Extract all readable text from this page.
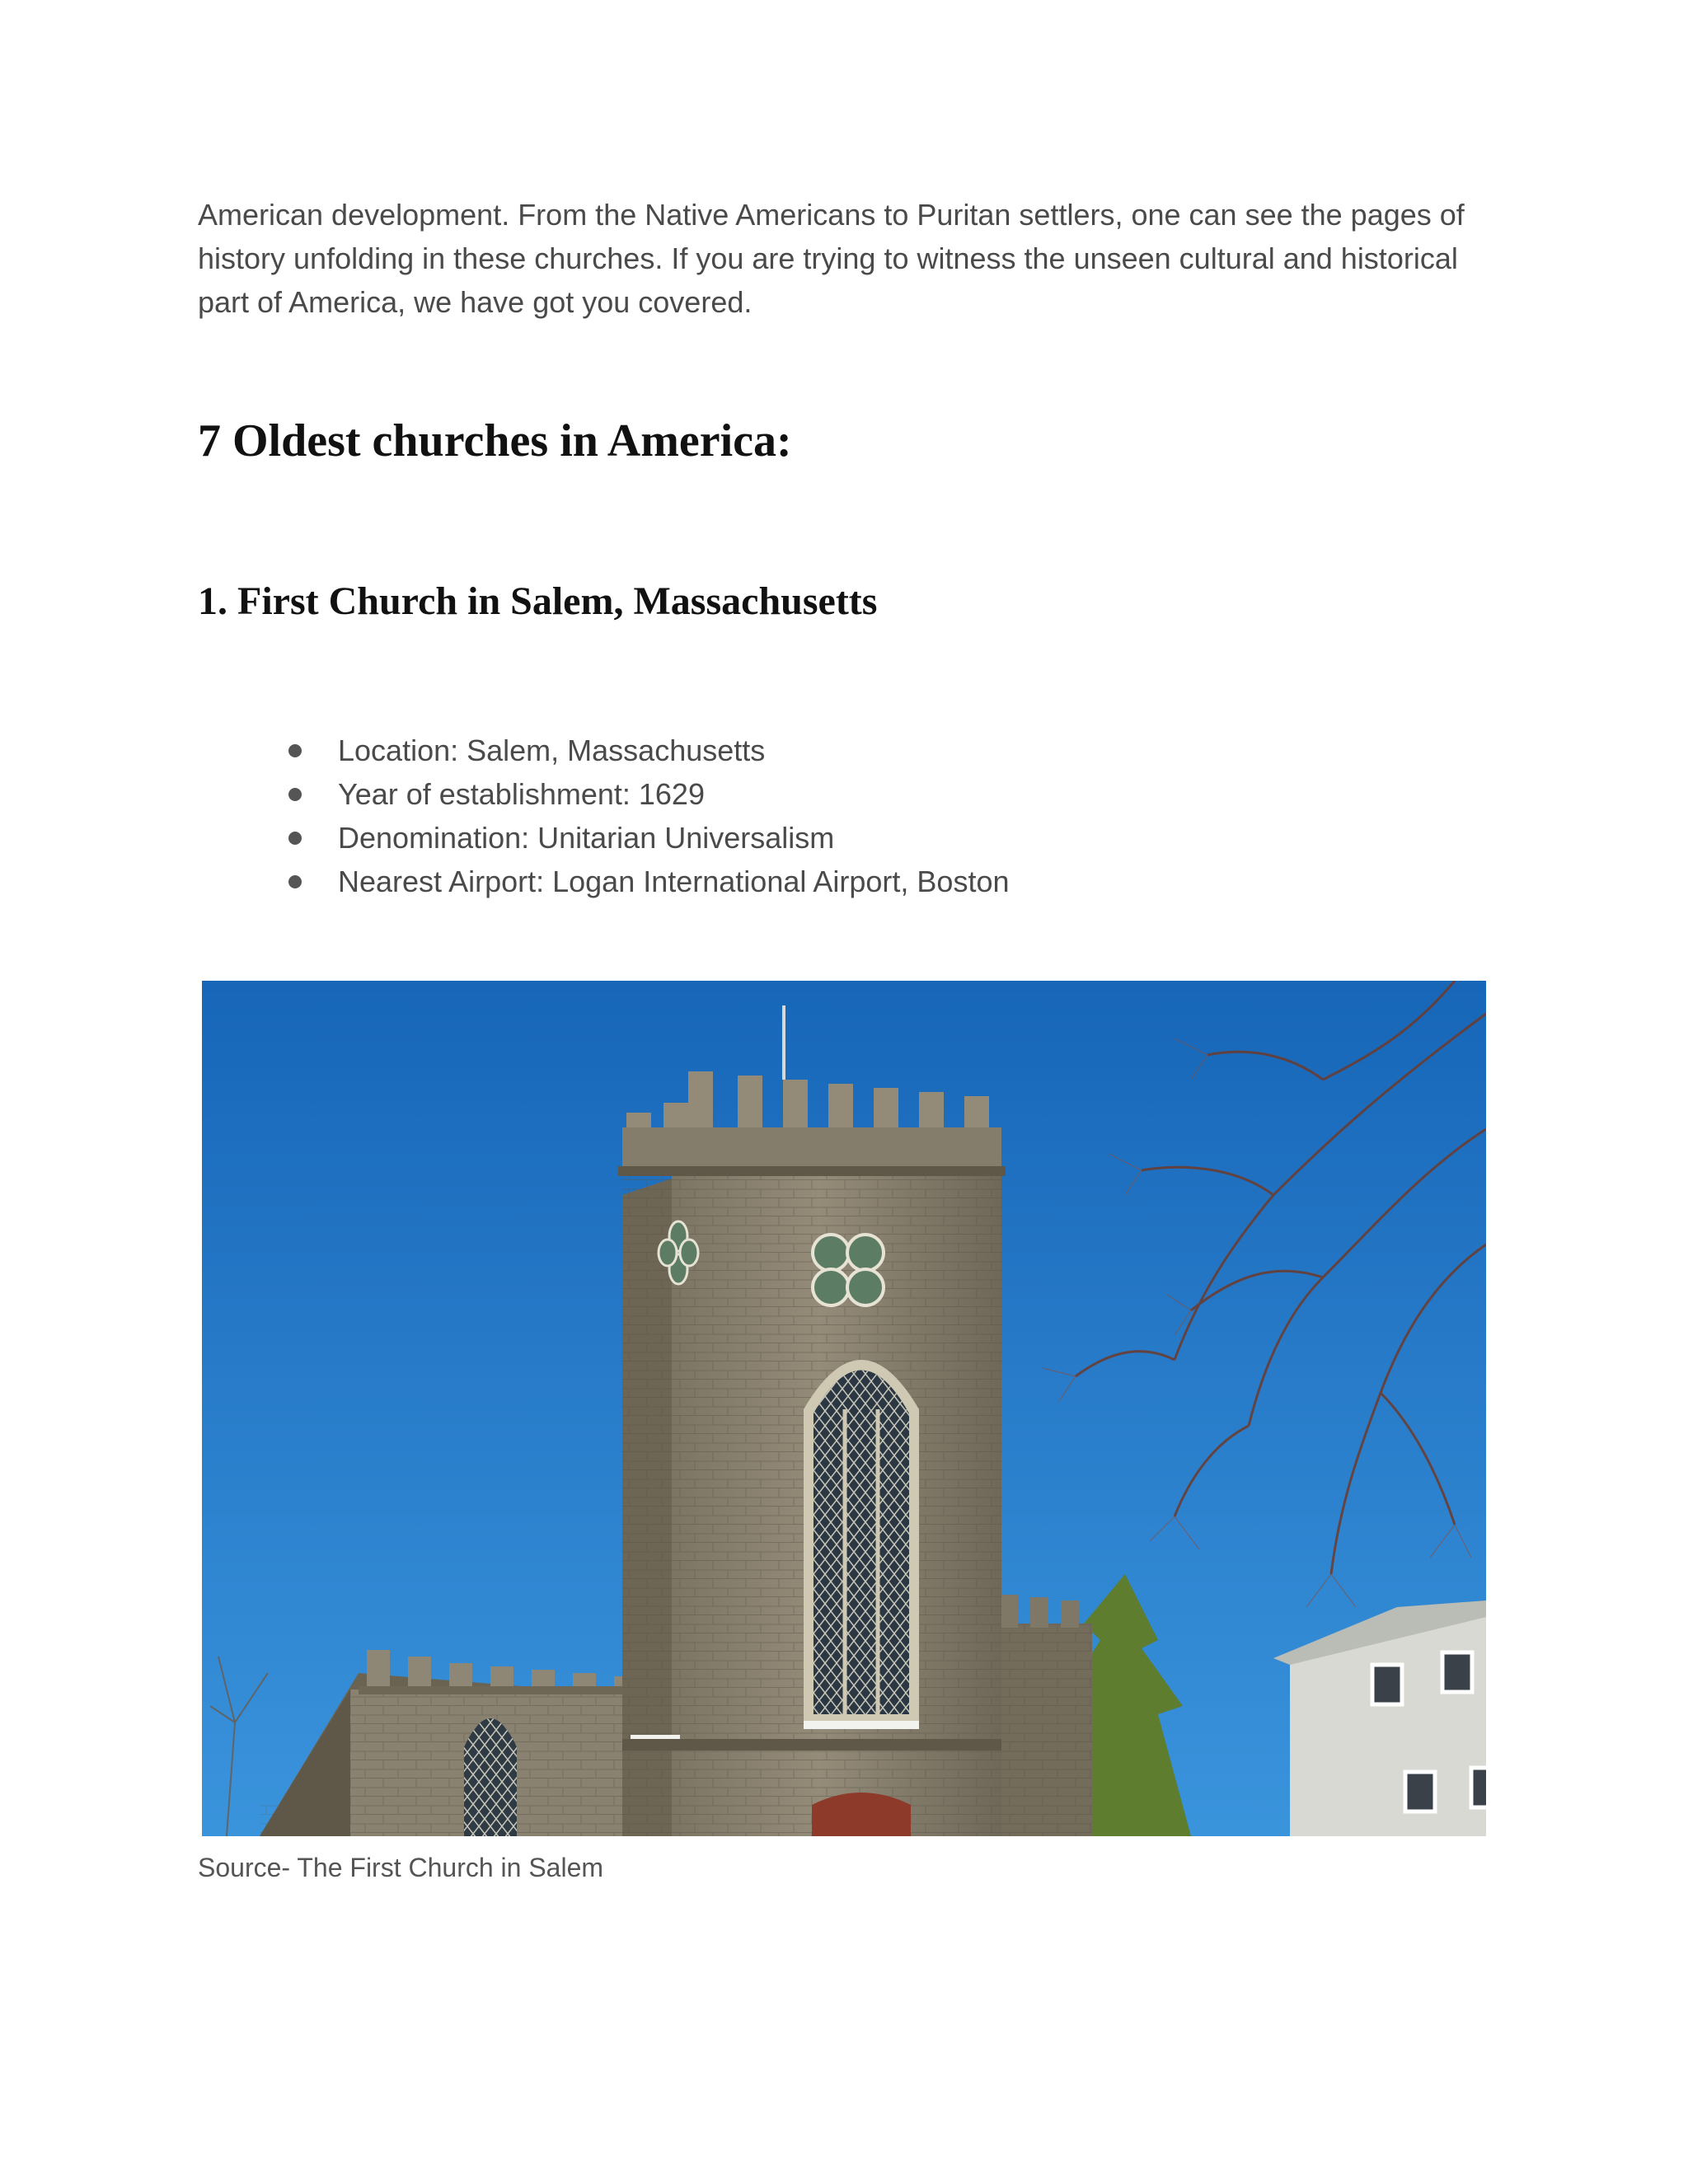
American development. From the Native Americans to Puritan settlers, one can see the pages of history unfolding in these churches. If you are trying to witness the unseen cultural and historical part of America, we have got you covered.

7 Oldest churches in America:
1. First Church in Salem, Massachusetts
Location: Salem, Massachusetts
Year of establishment: 1629
Denomination: Unitarian Universalism
Nearest Airport: Logan International Airport, Boston

Source- The First Church in Salem
